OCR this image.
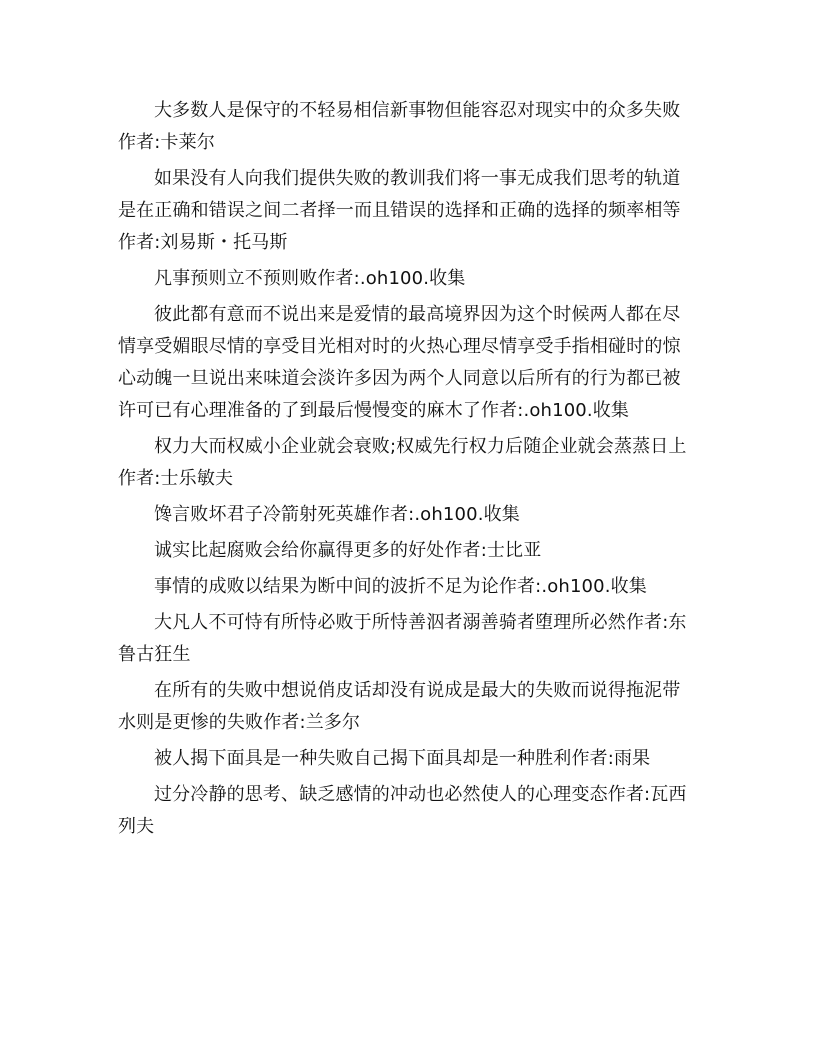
大多数人是保守的不轻易相信新事物但能容忍对现实中的众多失败作者:卡莱尔

如果没有人向我们提供失败的教训我们将一事无成我们思考的轨道是在正确和错误之间二者择一而且错误的选择和正确的选择的频率相等作者:刘易斯・托马斯

凡事预则立不预则败作者:.oh100.收集

彼此都有意而不说出来是爱情的最高境界因为这个时候两人都在尽情享受媚眼尽情的享受目光相对时的火热心理尽情享受手指相碰时的惊心动魄一旦说出来味道会淡许多因为两个人同意以后所有的行为都已被许可已有心理准备的了到最后慢慢变的麻木了作者:.oh100.收集

权力大而权威小企业就会衰败;权威先行权力后随企业就会蒸蒸日上作者:士乐敏夫

馋言败坏君子冷箭射死英雄作者:.oh100.收集

诚实比起腐败会给你赢得更多的好处作者:士比亚

事情的成败以结果为断中间的波折不足为论作者:.oh100.收集

大凡人不可恃有所恃必败于所恃善泅者溺善骑者堕理所必然作者:东鲁古狂生

在所有的失败中想说俏皮话却没有说成是最大的失败而说得拖泥带水则是更惨的失败作者:兰多尔

被人揭下面具是一种失败自己揭下面具却是一种胜利作者:雨果

过分冷静的思考、缺乏感情的冲动也必然使人的心理变态作者:瓦西列夫
